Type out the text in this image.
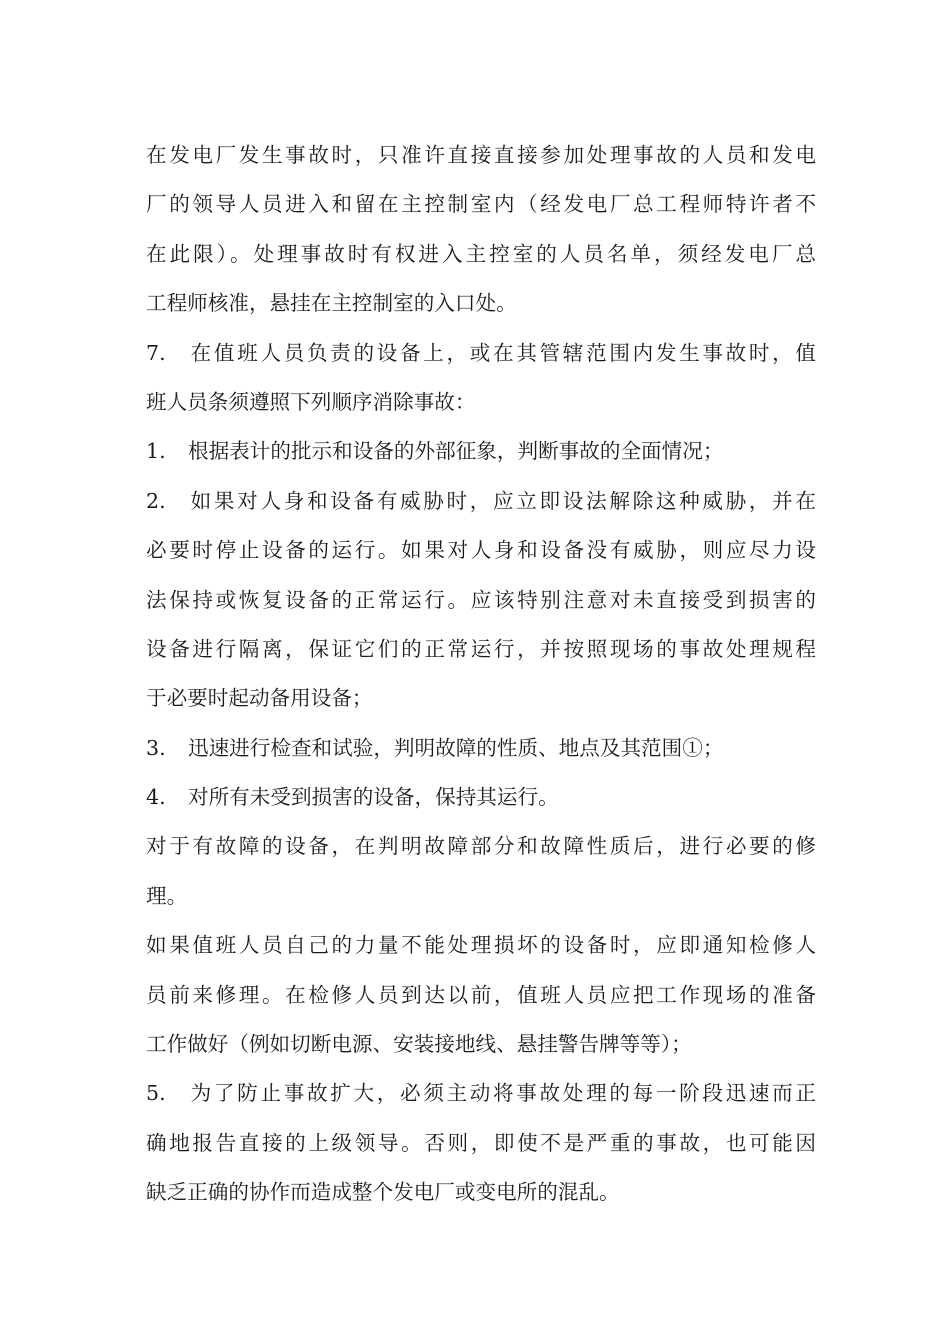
在发电厂发生事故时，只准许直接直接参加处理事故的人员和发电
厂的领导人员进入和留在主控制室内（经发电厂总工程师特许者不
在此限）。处理事故时有权进入主控室的人员名单，须经发电厂总
工程师核准，悬挂在主控制室的入口处。
7. 在值班人员负责的设备上，或在其管辖范围内发生事故时，值
班人员条须遵照下列顺序消除事故：
1. 根据表计的批示和设备的外部征象，判断事故的全面情况；
2. 如果对人身和设备有威胁时，应立即设法解除这种威胁，并在
必要时停止设备的运行。如果对人身和设备没有威胁，则应尽力设
法保持或恢复设备的正常运行。应该特别注意对未直接受到损害的
设备进行隔离，保证它们的正常运行，并按照现场的事故处理规程
于必要时起动备用设备；
3. 迅速进行检查和试验，判明故障的性质、地点及其范围①；
4. 对所有未受到损害的设备，保持其运行。
对于有故障的设备，在判明故障部分和故障性质后，进行必要的修
理。
如果值班人员自己的力量不能处理损坏的设备时，应即通知检修人
员前来修理。在检修人员到达以前，值班人员应把工作现场的准备
工作做好（例如切断电源、安装接地线、悬挂警告牌等等）；
5. 为了防止事故扩大，必须主动将事故处理的每一阶段迅速而正
确地报告直接的上级领导。否则，即使不是严重的事故，也可能因
缺乏正确的协作而造成整个发电厂或变电所的混乱。
